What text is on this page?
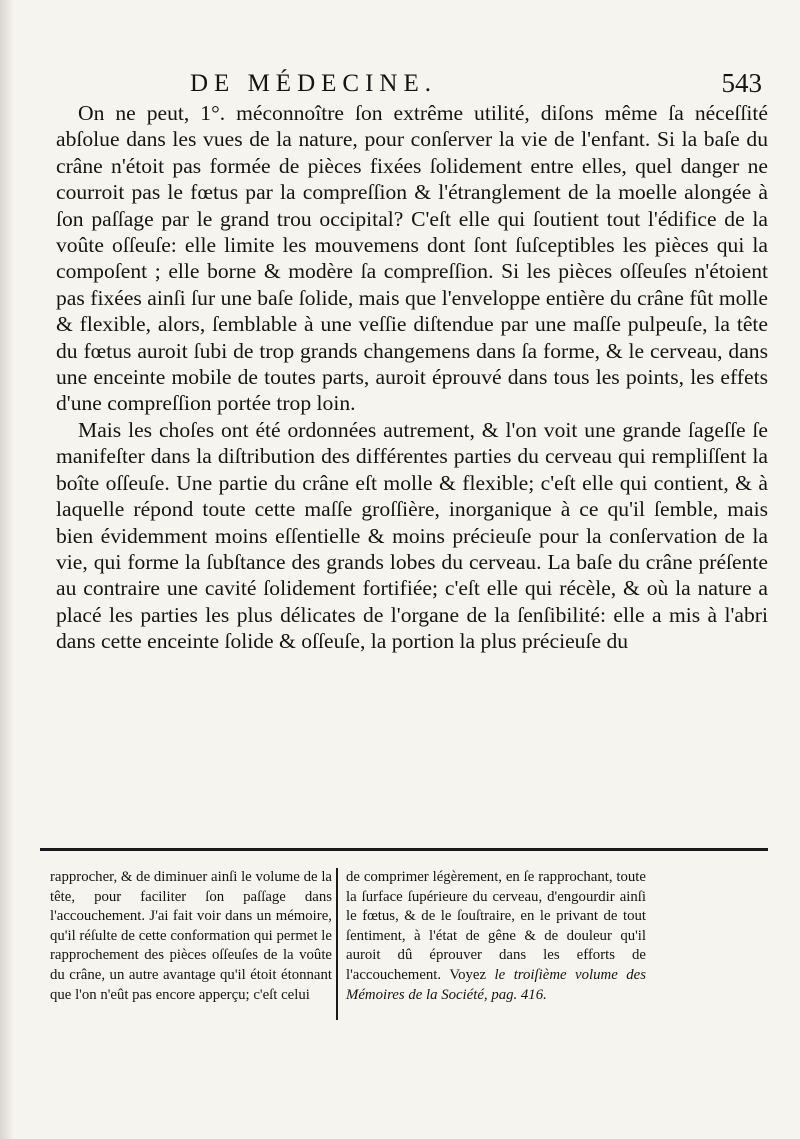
DE MÉDECINE.	543

On ne peut, 1°. méconnoître ſon extrême utilité, diſons même ſa néceſſité abſolue dans les vues de la nature, pour conſerver la vie de l'enfant. Si la baſe du crâne n'étoit pas formée de pièces fixées ſolidement entre elles, quel danger ne courroit pas le fœtus par la compreſſion & l'étranglement de la moelle alongée à ſon paſſage par le grand trou occipital? C'eſt elle qui ſoutient tout l'édifice de la voûte oſſeuſe: elle limite les mouvemens dont ſont ſuſceptibles les pièces qui la compoſent ; elle borne & modère ſa compreſſion. Si les pièces oſſeuſes n'étoient pas fixées ainſi ſur une baſe ſolide, mais que l'enveloppe entière du crâne fût molle & flexible, alors, ſemblable à une veſſie diſtendue par une maſſe pulpeuſe, la tête du fœtus auroit ſubi de trop grands changemens dans ſa forme, & le cerveau, dans une enceinte mobile de toutes parts, auroit éprouvé dans tous les points, les effets d'une compreſſion portée trop loin.

Mais les choſes ont été ordonnées autrement, & l'on voit une grande ſageſſe ſe manifeſter dans la diſtribution des différentes parties du cerveau qui rempliſſent la boîte oſſeuſe. Une partie du crâne eſt molle & flexible; c'eſt elle qui contient, & à laquelle répond toute cette maſſe groſſière, inorganique à ce qu'il ſemble, mais bien évidemment moins eſſentielle & moins précieuſe pour la conſervation de la vie, qui forme la ſubſtance des grands lobes du cerveau. La baſe du crâne préſente au contraire une cavité ſolidement fortifiée; c'eſt elle qui récèle, & où la nature a placé les parties les plus délicates de l'organe de la ſenſibilité: elle a mis à l'abri dans cette enceinte ſolide & oſſeuſe, la portion la plus précieuſe du

rapprocher, & de diminuer ainſi le volume de la tête, pour faciliter ſon paſſage dans l'accouchement. J'ai fait voir dans un mémoire, qu'il réſulte de cette conformation qui permet le rapprochement des pièces oſſeuſes de la voûte du crâne, un autre avantage qu'il étoit étonnant que l'on n'eût pas encore apperçu; c'eſt celui
de comprimer légèrement, en ſe rapprochant, toute la ſurface ſupérieure du cerveau, d'engourdir ainſi le fœtus, & de le ſouſtraire, en le privant de tout ſentiment, à l'état de gêne & de douleur qu'il auroit dû éprouver dans les efforts de l'accouchement. Voyez le troiſième volume des Mémoires de la Société, pag. 416.
